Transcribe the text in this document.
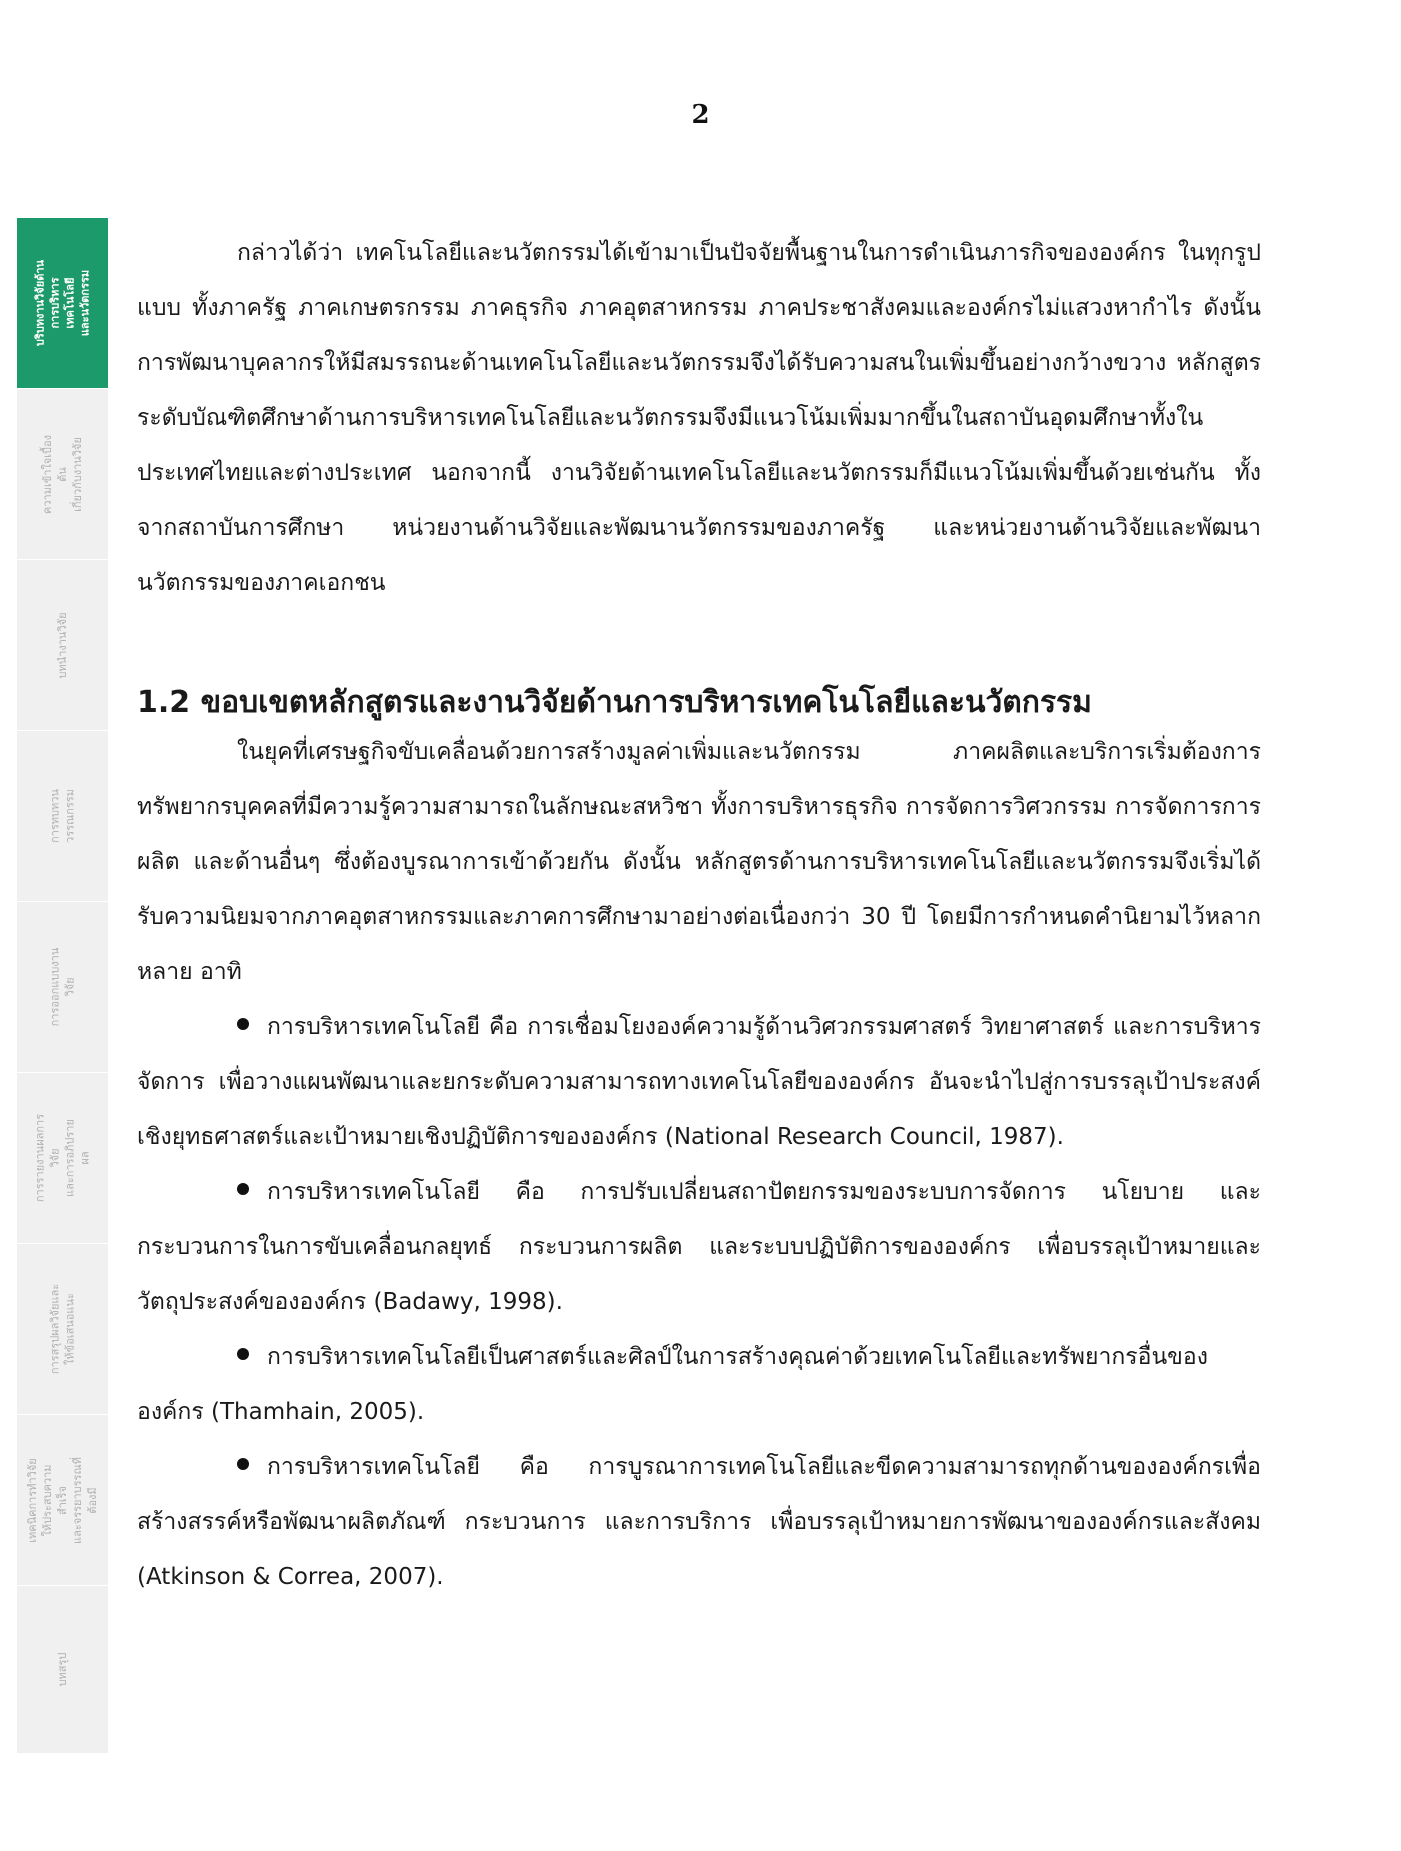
2
บริบทงานวิจัยด้าน
การบริหารเทคโนโลยี
และนวัตกรรม
ความเข้าใจเบื้องต้น
เกี่ยวกับงานวิจัย
บทนำงานวิจัย
การทบทวนวรรณกรรม
การออกแบบงานวิจัย
การรายงานผลการวิจัย
และการอภิปรายผล
การสรุปผลวิจัยและ
ให้ข้อเสนอแนะ
เทคนิคการทำวิจัย
ให้ประสบความสำเร็จ
และจรรยาบรรณที่ต้องมี
บทสรุป

กล่าวได้ว่า เทคโนโลยีและนวัตกรรมได้เข้ามาเป็นปัจจัยพื้นฐานในการดำเนินภารกิจขององค์กร ในทุกรูปแบบ ทั้งภาครัฐ ภาคเกษตรกรรม ภาคธุรกิจ ภาคอุตสาหกรรม ภาคประชาสังคมและองค์กรไม่แสวงหากำไร ดังนั้น การพัฒนาบุคลากรให้มีสมรรถนะด้านเทคโนโลยีและนวัตกรรมจึงได้รับความสนในเพิ่มขึ้นอย่างกว้างขวาง หลักสูตรระดับบัณฑิตศึกษาด้านการบริหารเทคโนโลยีและนวัตกรรมจึงมีแนวโน้มเพิ่มมากขึ้นในสถาบันอุดมศึกษาทั้งในประเทศไทยและต่างประเทศ นอกจากนี้ งานวิจัยด้านเทคโนโลยีและนวัตกรรมก็มีแนวโน้มเพิ่มขึ้นด้วยเช่นกัน ทั้งจากสถาบันการศึกษา หน่วยงานด้านวิจัยและพัฒนานวัตกรรมของภาครัฐ และหน่วยงานด้านวิจัยและพัฒนานวัตกรรมของภาคเอกชน

1.2 ขอบเขตหลักสูตรและงานวิจัยด้านการบริหารเทคโนโลยีและนวัตกรรม

ในยุคที่เศรษฐกิจขับเคลื่อนด้วยการสร้างมูลค่าเพิ่มและนวัตกรรม ภาคผลิตและบริการเริ่มต้องการทรัพยากรบุคคลที่มีความรู้ความสามารถในลักษณะสหวิชา ทั้งการบริหารธุรกิจ การจัดการวิศวกรรม การจัดการการผลิต และด้านอื่นๆ ซึ่งต้องบูรณาการเข้าด้วยกัน ดังนั้น หลักสูตรด้านการบริหารเทคโนโลยีและนวัตกรรมจึงเริ่มได้รับความนิยมจากภาคอุตสาหกรรมและภาคการศึกษามาอย่างต่อเนื่องกว่า 30 ปี โดยมีการกำหนดคำนิยามไว้หลากหลาย อาทิ

การบริหารเทคโนโลยี คือ การเชื่อมโยงองค์ความรู้ด้านวิศวกรรมศาสตร์ วิทยาศาสตร์ และการบริหารจัดการ เพื่อวางแผนพัฒนาและยกระดับความสามารถทางเทคโนโลยีขององค์กร อันจะนำไปสู่การบรรลุเป้าประสงค์เชิงยุทธศาสตร์และเป้าหมายเชิงปฏิบัติการขององค์กร (National Research Council, 1987).

การบริหารเทคโนโลยี คือ การปรับเปลี่ยนสถาปัตยกรรมของระบบการจัดการ นโยบาย และกระบวนการในการขับเคลื่อนกลยุทธ์ กระบวนการผลิต และระบบปฏิบัติการขององค์กร เพื่อบรรลุเป้าหมายและวัตถุประสงค์ขององค์กร (Badawy, 1998).

การบริหารเทคโนโลยีเป็นศาสตร์และศิลป์ในการสร้างคุณค่าด้วยเทคโนโลยีและทรัพยากรอื่นขององค์กร (Thamhain, 2005).

การบริหารเทคโนโลยี คือ การบูรณาการเทคโนโลยีและขีดความสามารถทุกด้านขององค์กรเพื่อสร้างสรรค์หรือพัฒนาผลิตภัณฑ์ กระบวนการ และการบริการ เพื่อบรรลุเป้าหมายการพัฒนาขององค์กรและสังคม (Atkinson & Correa, 2007).
